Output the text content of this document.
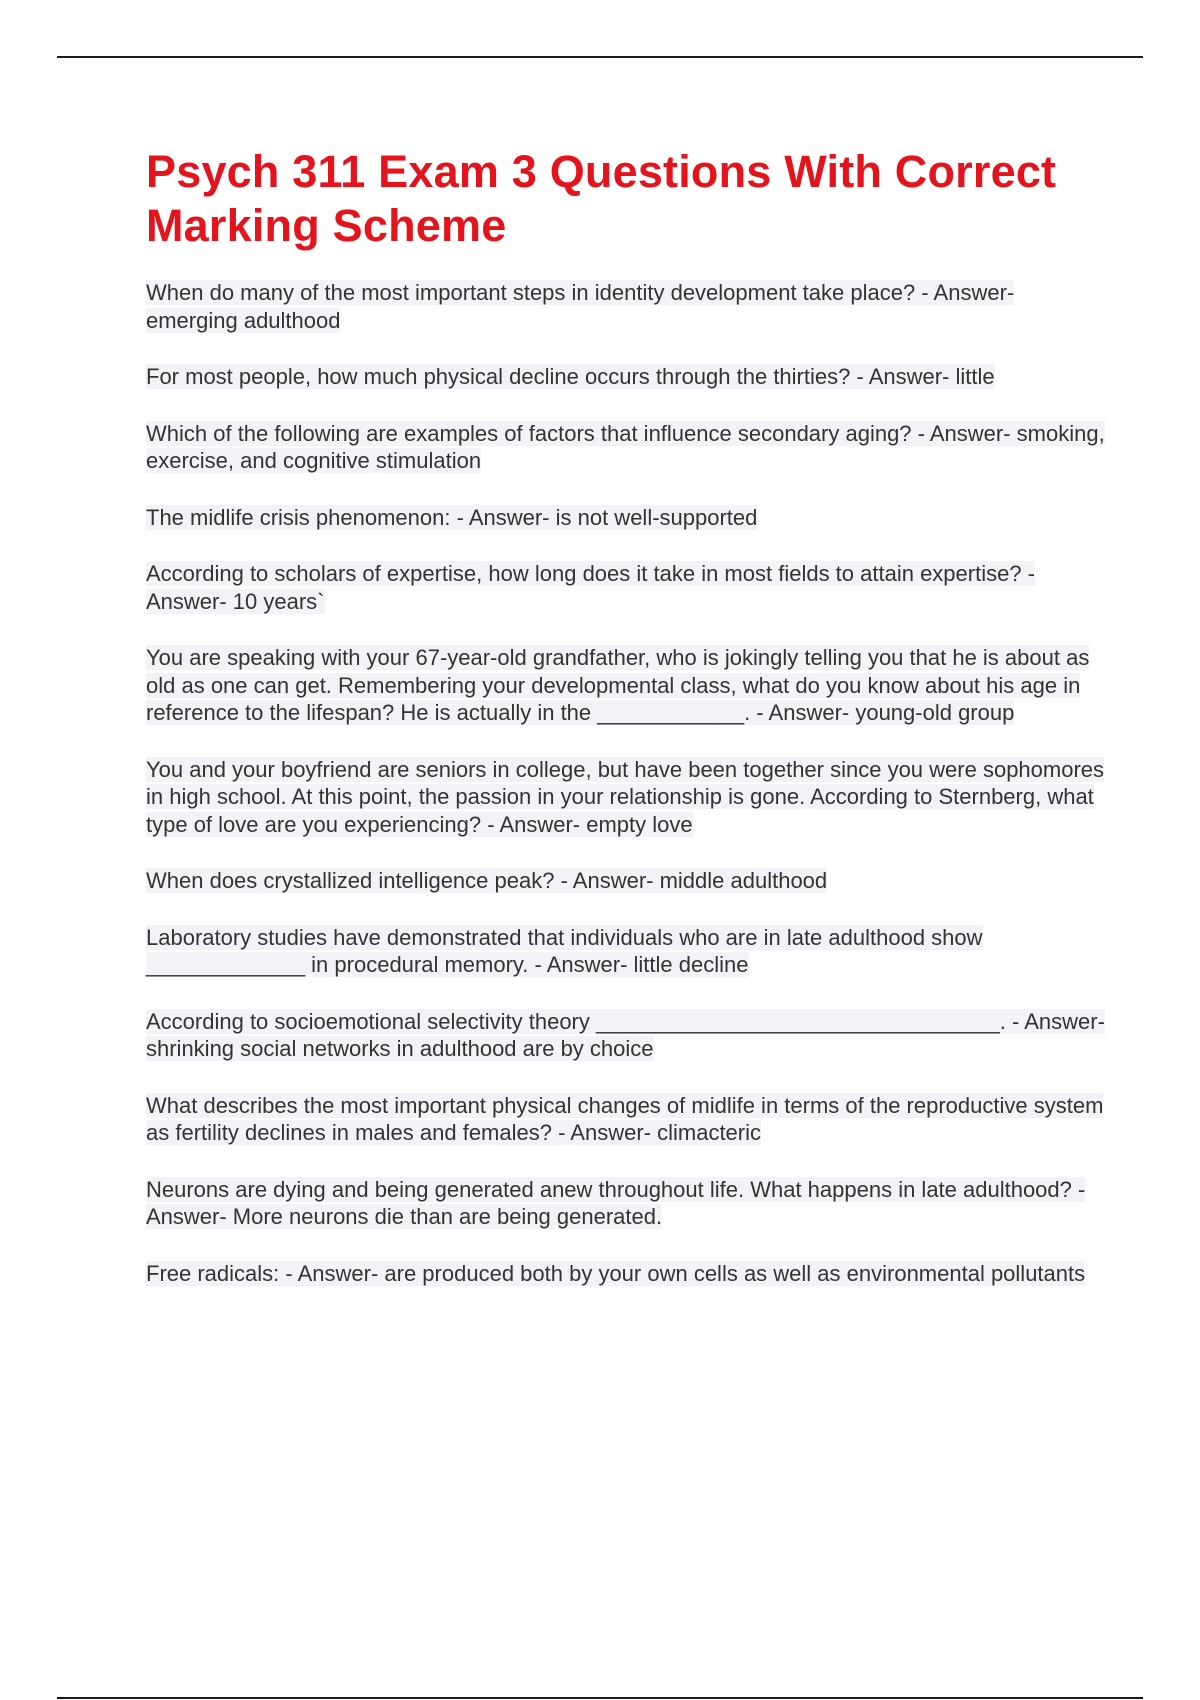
Psych 311 Exam 3 Questions With Correct Marking Scheme

When do many of the most important steps in identity development take place? - Answer- emerging adulthood

For most people, how much physical decline occurs through the thirties? - Answer- little

Which of the following are examples of factors that influence secondary aging? - Answer- smoking, exercise, and cognitive stimulation

The midlife crisis phenomenon: - Answer- is not well-supported

According to scholars of expertise, how long does it take in most fields to attain expertise? - Answer- 10 years`

You are speaking with your 67-year-old grandfather, who is jokingly telling you that he is about as old as one can get. Remembering your developmental class, what do you know about his age in reference to the lifespan? He is actually in the ____________. - Answer- young-old group

You and your boyfriend are seniors in college, but have been together since you were sophomores in high school. At this point, the passion in your relationship is gone. According to Sternberg, what type of love are you experiencing? - Answer- empty love

When does crystallized intelligence peak? - Answer- middle adulthood

Laboratory studies have demonstrated that individuals who are in late adulthood show _____________ in procedural memory. - Answer- little decline

According to socioemotional selectivity theory _________________________________. - Answer- shrinking social networks in adulthood are by choice

What describes the most important physical changes of midlife in terms of the reproductive system as fertility declines in males and females? - Answer- climacteric

Neurons are dying and being generated anew throughout life. What happens in late adulthood? - Answer- More neurons die than are being generated.

Free radicals: - Answer- are produced both by your own cells as well as environmental pollutants
